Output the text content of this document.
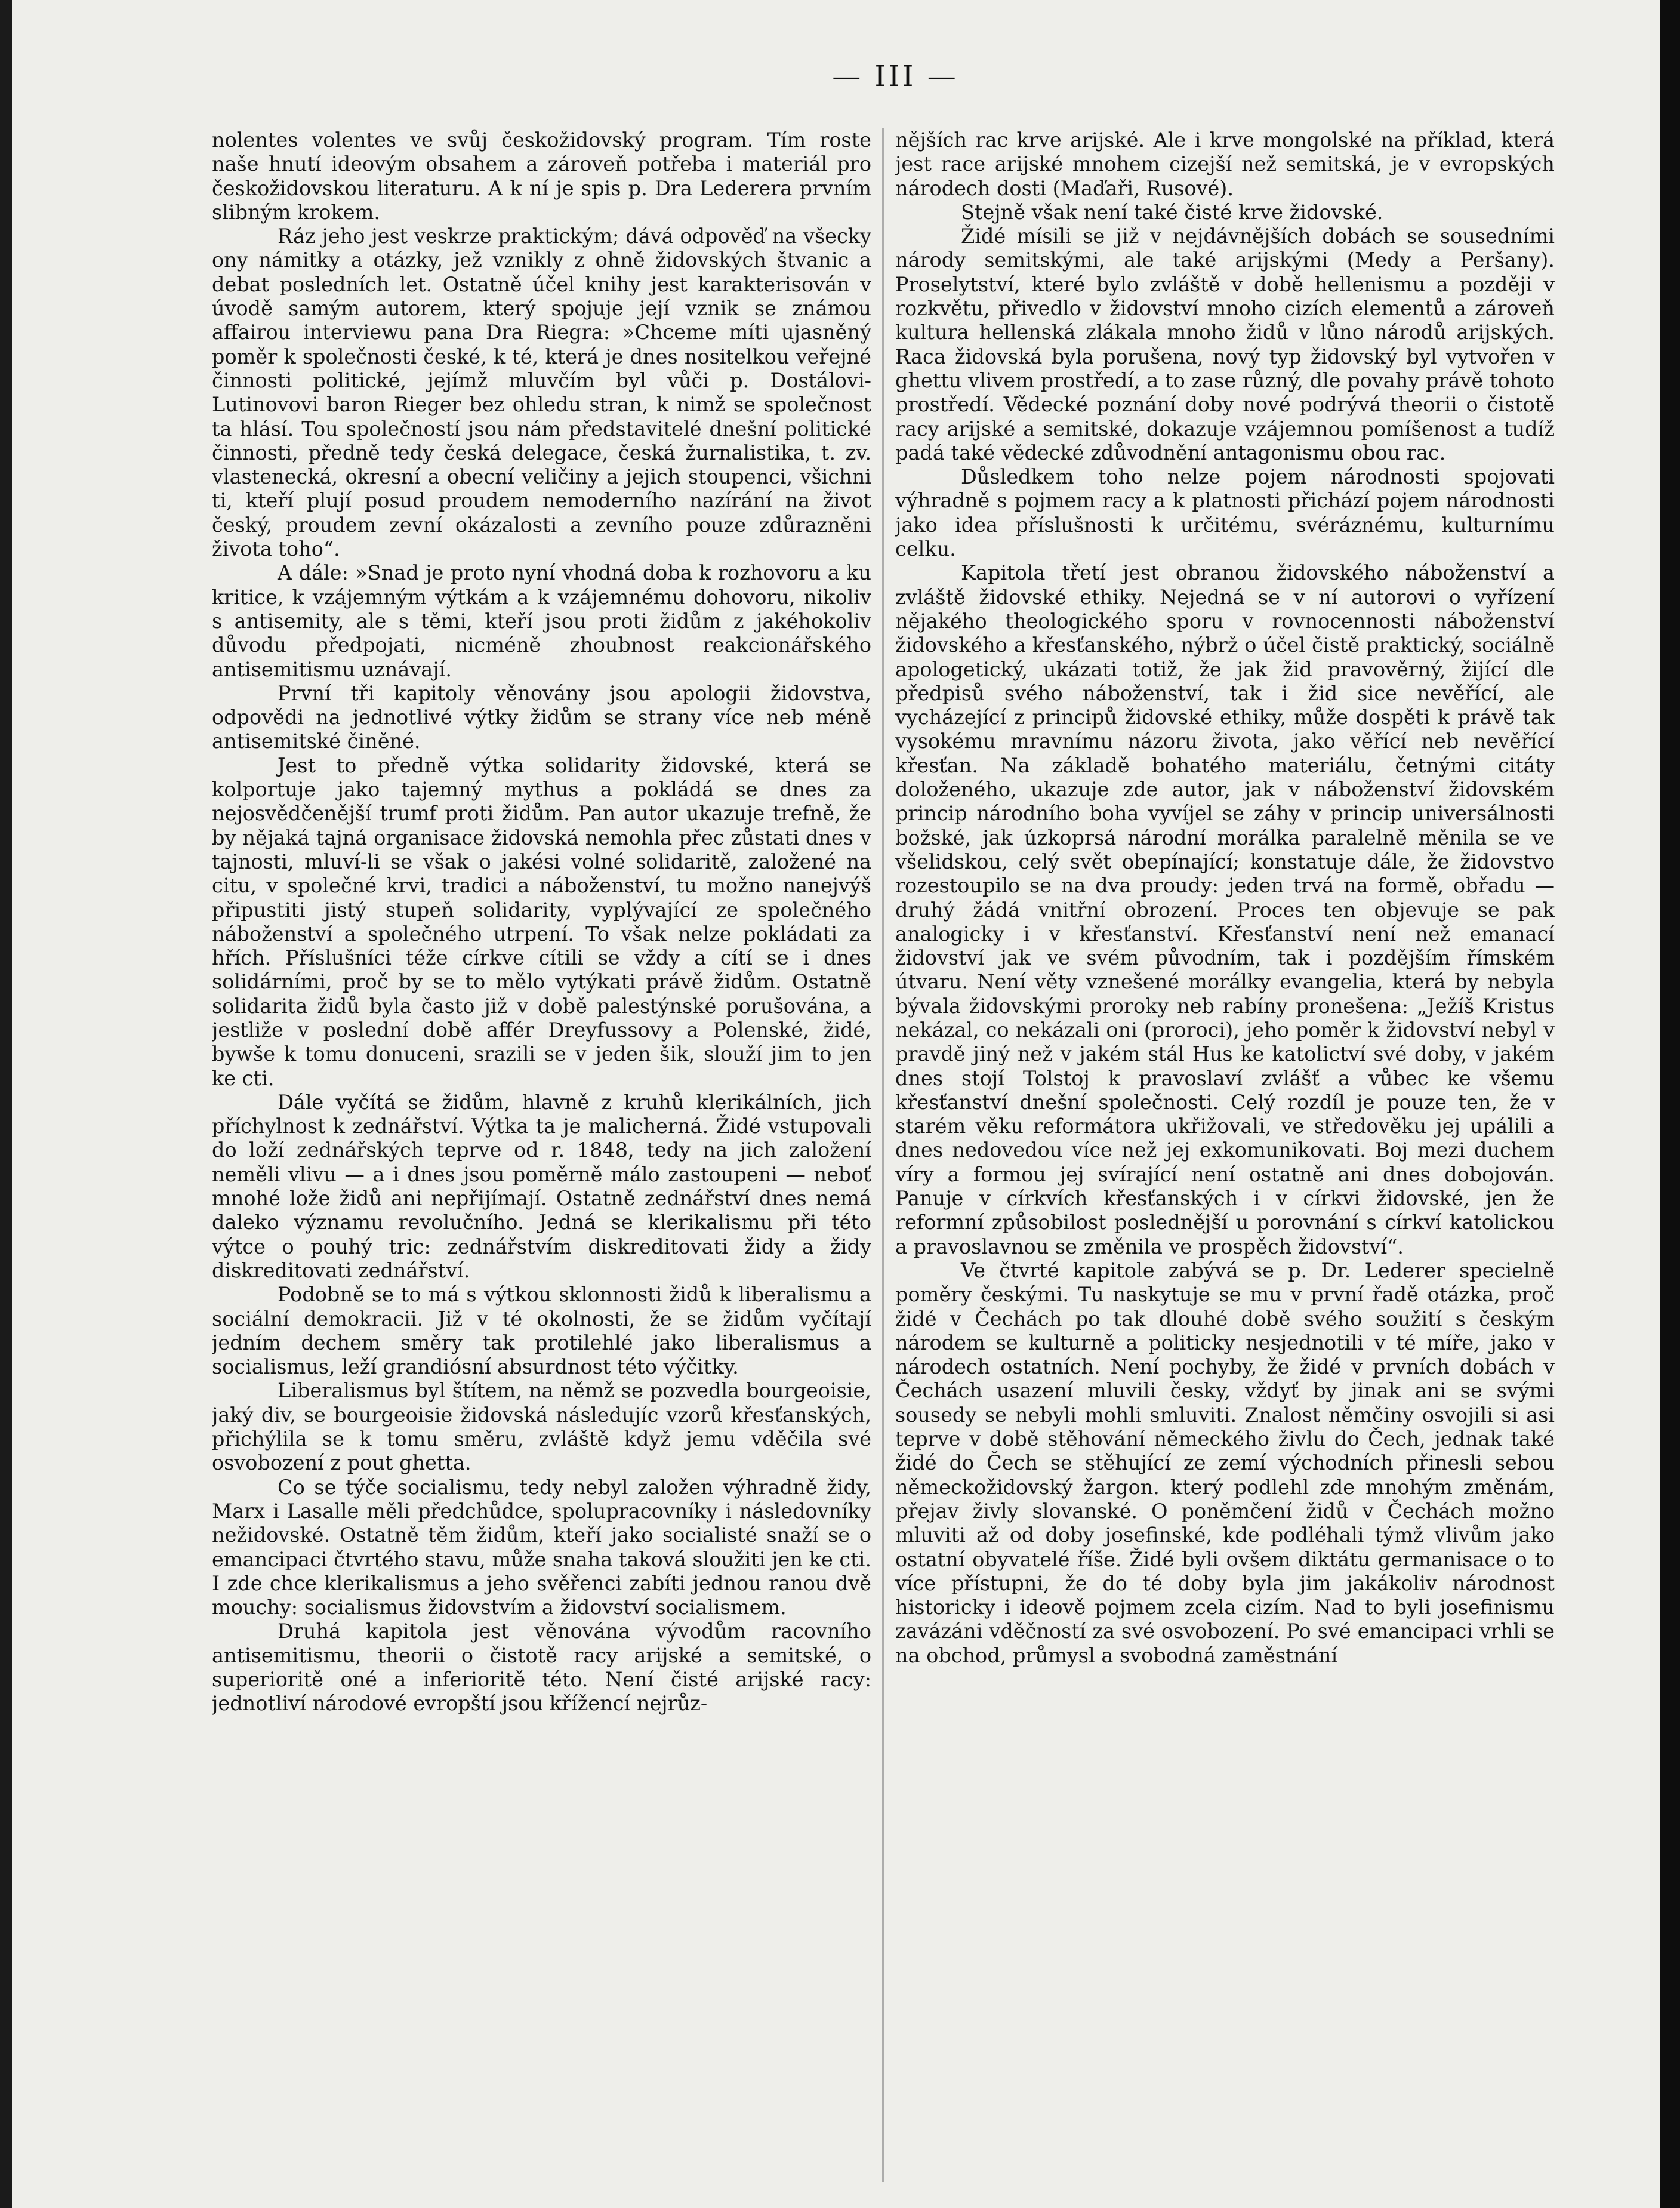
— III —

nolentes volentes ve svůj českožidovský program. Tím roste naše hnutí ideovým obsahem a zároveň potřeba i materiál pro českožidovskou literaturu. A k ní je spis p. Dra Lederera prvním slibným krokem.

Ráz jeho jest veskrze praktickým; dává odpověď na všecky ony námitky a otázky, jež vznikly z ohně židovských štvanic a debat posledních let. Ostatně účel knihy jest karakterisován v úvodě samým autorem, který spojuje její vznik se známou affairou interviewu pana Dra Riegra: »Chceme míti ujasněný poměr k společnosti české, k té, která je dnes nositelkou veřejné činnosti politické, jejímž mluvčím byl vůči p. Dostálovi-Lutinovovi baron Rieger bez ohledu stran, k nimž se společnost ta hlásí. Tou společností jsou nám představitelé dnešní politické činnosti, předně tedy česká delegace, česká žurnalistika, t. zv. vlastenecká, okresní a obecní veličiny a jejich stoupenci, všichni ti, kteří plují posud proudem nemoderního nazírání na život český, proudem zevní okázalosti a zevního pouze zdůrazněni života toho“.

A dále: »Snad je proto nyní vhodná doba k rozhovoru a ku kritice, k vzájemným výtkám a k vzájemnému dohovoru, nikoliv s antisemity, ale s těmi, kteří jsou proti židům z jakéhokoliv důvodu předpojati, nicméně zhoubnost reakcionářského antisemitismu uznávají.

První tři kapitoly věnovány jsou apologii židovstva, odpovědi na jednotlivé výtky židům se strany více neb méně antisemitské činěné.

Jest to předně výtka solidarity židovské, která se kolportuje jako tajemný mythus a pokládá se dnes za nejosvědčenější trumf proti židům. Pan autor ukazuje trefně, že by nějaká tajná organisace židovská nemohla přec zůstati dnes v tajnosti, mluví-li se však o jakési volné solidaritě, založené na citu, v společné krvi, tradici a náboženství, tu možno nanejvýš připustiti jistý stupeň solidarity, vyplývající ze společného náboženství a společného utrpení. To však nelze pokládati za hřích. Příslušníci téže církve cítili se vždy a cítí se i dnes solidárními, proč by se to mělo vytýkati právě židům. Ostatně solidarita židů byla často již v době palestýnské porušována, a jestliže v poslední době affér Dreyfussovy a Polenské, židé, bywše k tomu donuceni, srazili se v jeden šik, slouží jim to jen ke cti.

Dále vyčítá se židům, hlavně z kruhů klerikálních, jich příchylnost k zednářství. Výtka ta je malicherná. Židé vstupovali do loží zednářských teprve od r. 1848, tedy na jich založení neměli vlivu — a i dnes jsou poměrně málo zastoupeni — neboť mnohé lože židů ani nepřijímají. Ostatně zednářství dnes nemá daleko významu revolučního. Jedná se klerikalismu při této výtce o pouhý tric: zednářstvím diskreditovati židy a židy diskreditovati zednářství.

Podobně se to má s výtkou sklonnosti židů k liberalismu a sociální demokracii. Již v té okolnosti, že se židům vyčítají jedním dechem směry tak protilehlé jako liberalismus a socialismus, leží grandiósní absurdnost této výčitky.

Liberalismus byl štítem, na němž se pozvedla bourgeoisie, jaký div, se bourgeoisie židovská následujíc vzorů křesťanských, přichýlila se k tomu směru, zvláště když jemu vděčila své osvobození z pout ghetta.

Co se týče socialismu, tedy nebyl založen výhradně židy, Marx i Lasalle měli předchůdce, spolupracovníky i následovníky nežidovské. Ostatně těm židům, kteří jako socialisté snaží se o emancipaci čtvrtého stavu, může snaha taková sloužiti jen ke cti. I zde chce klerikalismus a jeho svěřenci zabíti jednou ranou dvě mouchy: socialismus židovstvím a židovství socialismem.

Druhá kapitola jest věnována vývodům racovního antisemitismu, theorii o čistotě racy arijské a semitské, o superioritě oné a inferioritě této. Není čisté arijské racy: jednotliví národové evropští jsou křížencí nejrůz-

nějších rac krve arijské. Ale i krve mongolské na příklad, která jest race arijské mnohem cizejší než semitská, je v evropských národech dosti (Maďaři, Rusové).

Stejně však není také čisté krve židovské.

Židé mísili se již v nejdávnějších dobách se sousedními národy semitskými, ale také arijskými (Medy a Peršany). Proselytství, které bylo zvláště v době hellenismu a později v rozkvětu, přivedlo v židovství mnoho cizích elementů a zároveň kultura hellenská zlákala mnoho židů v lůno národů arijských. Raca židovská byla porušena, nový typ židovský byl vytvořen v ghettu vlivem prostředí, a to zase různý, dle povahy právě tohoto prostředí. Vědecké poznání doby nové podrývá theorii o čistotě racy arijské a semitské, dokazuje vzájemnou pomíšenost a tudíž padá také vědecké zdůvodnění antagonismu obou rac.

Důsledkem toho nelze pojem národnosti spojovati výhradně s pojmem racy a k platnosti přichází pojem národnosti jako idea příslušnosti k určitému, svéráznému, kulturnímu celku.

Kapitola třetí jest obranou židovského náboženství a zvláště židovské ethiky. Nejedná se v ní autorovi o vyřízení nějakého theologického sporu v rovnocennosti náboženství židovského a křesťanského, nýbrž o účel čistě praktický, sociálně apologetický, ukázati totiž, že jak žid pravověrný, žijící dle předpisů svého náboženství, tak i žid sice nevěřící, ale vycházející z principů židovské ethiky, může dospěti k právě tak vysokému mravnímu názoru života, jako věřící neb nevěřící křesťan. Na základě bohatého materiálu, četnými citáty doloženého, ukazuje zde autor, jak v náboženství židovském princip národního boha vyvíjel se záhy v princip universálnosti božské, jak úzkoprsá národní morálka paralelně měnila se ve všelidskou, celý svět obepínající; konstatuje dále, že židovstvo rozestoupilo se na dva proudy: jeden trvá na formě, obřadu — druhý žádá vnitřní obrození. Proces ten objevuje se pak analogicky i v křesťanství. Křesťanství není než emanací židovství jak ve svém původním, tak i pozdějším římském útvaru. Není věty vznešené morálky evangelia, která by nebyla bývala židovskými proroky neb rabíny pronešena: „Ježíš Kristus nekázal, co nekázali oni (proroci), jeho poměr k židovství nebyl v pravdě jiný než v jakém stál Hus ke katolictví své doby, v jakém dnes stojí Tolstoj k pravoslaví zvlášť a vůbec ke všemu křesťanství dnešní společnosti. Celý rozdíl je pouze ten, že v starém věku reformátora ukřižovali, ve středověku jej upálili a dnes nedovedou více než jej exkomunikovati. Boj mezi duchem víry a formou jej svírající není ostatně ani dnes dobojován. Panuje v církvích křesťanských i v církvi židovské, jen že reformní způsobilost poslednější u porovnání s církví katolickou a pravoslavnou se změnila ve prospěch židovství“.

Ve čtvrté kapitole zabývá se p. Dr. Lederer specielně poměry českými. Tu naskytuje se mu v první řadě otázka, proč židé v Čechách po tak dlouhé době svého soužití s českým národem se kulturně a politicky nesjednotili v té míře, jako v národech ostatních. Není pochyby, že židé v prvních dobách v Čechách usazení mluvili česky, vždyť by jinak ani se svými sousedy se nebyli mohli smluviti. Znalost němčiny osvojili si asi teprve v době stěhování německého živlu do Čech, jednak také židé do Čech se stěhující ze zemí východních přinesli sebou německožidovský žargon. který podlehl zde mnohým změnám, přejav živly slovanské. O poněmčení židů v Čechách možno mluviti až od doby josefinské, kde podléhali týmž vlivům jako ostatní obyvatelé říše. Židé byli ovšem diktátu germanisace o to více přístupni, že do té doby byla jim jakákoliv národnost historicky i ideově pojmem zcela cizím. Nad to byli josefinismu zavázáni vděčností za své osvobození. Po své emancipaci vrhli se na obchod, průmysl a svobodná zaměstnání
